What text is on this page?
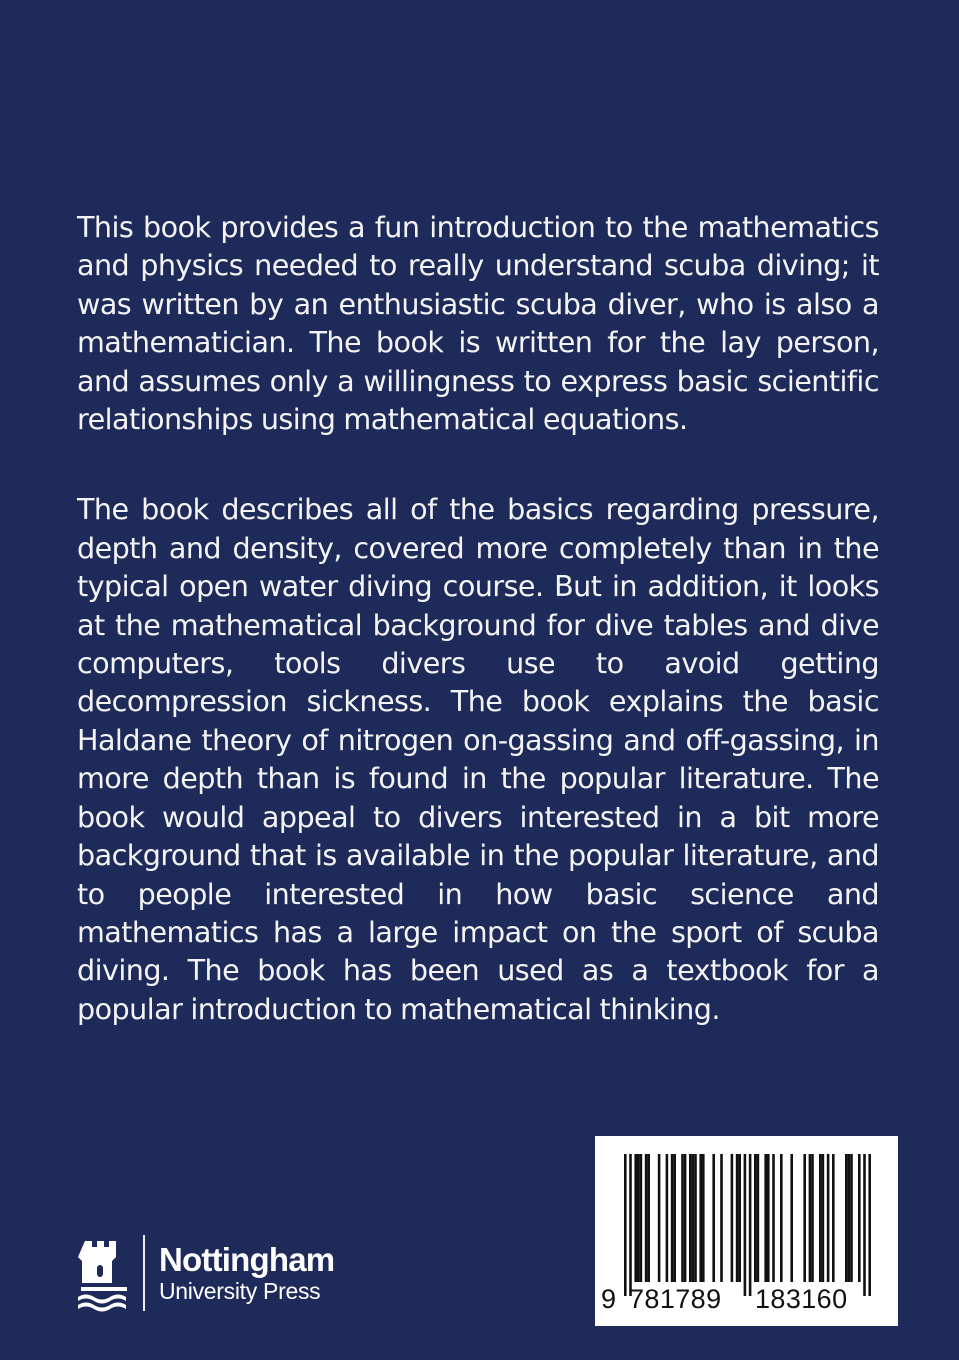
This book provides a fun introduction to the mathematics and physics needed to really understand scuba diving; it was written by an enthusiastic scuba diver, who is also a mathematician. The book is written for the lay person, and assumes only a willingness to express basic scientific relationships using mathematical equations.

The book describes all of the basics regarding pressure, depth and density, covered more completely than in the typical open water diving course. But in addition, it looks at the mathematical background for dive tables and dive computers, tools divers use to avoid getting decompression sickness. The book explains the basic Haldane theory of nitrogen on-gassing and off-gassing, in more depth than is found in the popular literature. The book would appeal to divers interested in a bit more background that is available in the popular literature, and to people interested in how basic science and mathematics has a large impact on the sport of scuba diving. The book has been used as a textbook for a popular introduction to mathematical thinking.

Nottingham
University Press	9 781789	183160
